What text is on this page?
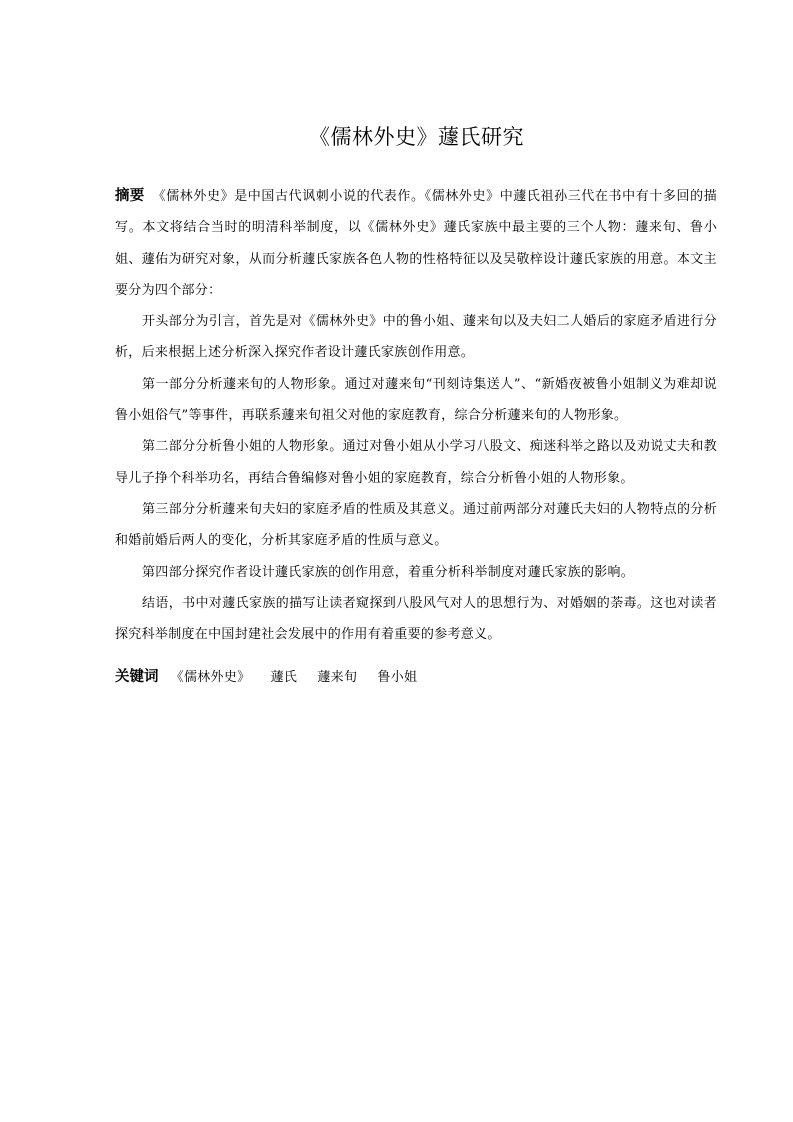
《儒林外史》蘧氏研究

摘要 《儒林外史》是中国古代讽刺小说的代表作。《儒林外史》中蘧氏祖孙三代在书中有十多回的描写。本文将结合当时的明清科举制度，以《儒林外史》蘧氏家族中最主要的三个人物：蘧来旬、鲁小姐、蘧佑为研究对象，从而分析蘧氏家族各色人物的性格特征以及吴敬梓设计蘧氏家族的用意。本文主要分为四个部分：

开头部分为引言，首先是对《儒林外史》中的鲁小姐、蘧来旬以及夫妇二人婚后的家庭矛盾进行分析，后来根据上述分析深入探究作者设计蘧氏家族创作用意。

第一部分分析蘧来旬的人物形象。通过对蘧来旬“刊刻诗集送人”、“新婚夜被鲁小姐制义为难却说鲁小姐俗气”等事件，再联系蘧来旬祖父对他的家庭教育，综合分析蘧来旬的人物形象。

第二部分分析鲁小姐的人物形象。通过对鲁小姐从小学习八股文、痴迷科举之路以及劝说丈夫和教导儿子挣个科举功名，再结合鲁编修对鲁小姐的家庭教育，综合分析鲁小姐的人物形象。

第三部分分析蘧来旬夫妇的家庭矛盾的性质及其意义。通过前两部分对蘧氏夫妇的人物特点的分析和婚前婚后两人的变化，分析其家庭矛盾的性质与意义。

第四部分探究作者设计蘧氏家族的创作用意，着重分析科举制度对蘧氏家族的影响。

结语，书中对蘧氏家族的描写让读者窥探到八股风气对人的思想行为、对婚姻的荼毒。这也对读者探究科举制度在中国封建社会发展中的作用有着重要的参考意义。

关键词 《儒林外史》 蘧氏 蘧来旬 鲁小姐
